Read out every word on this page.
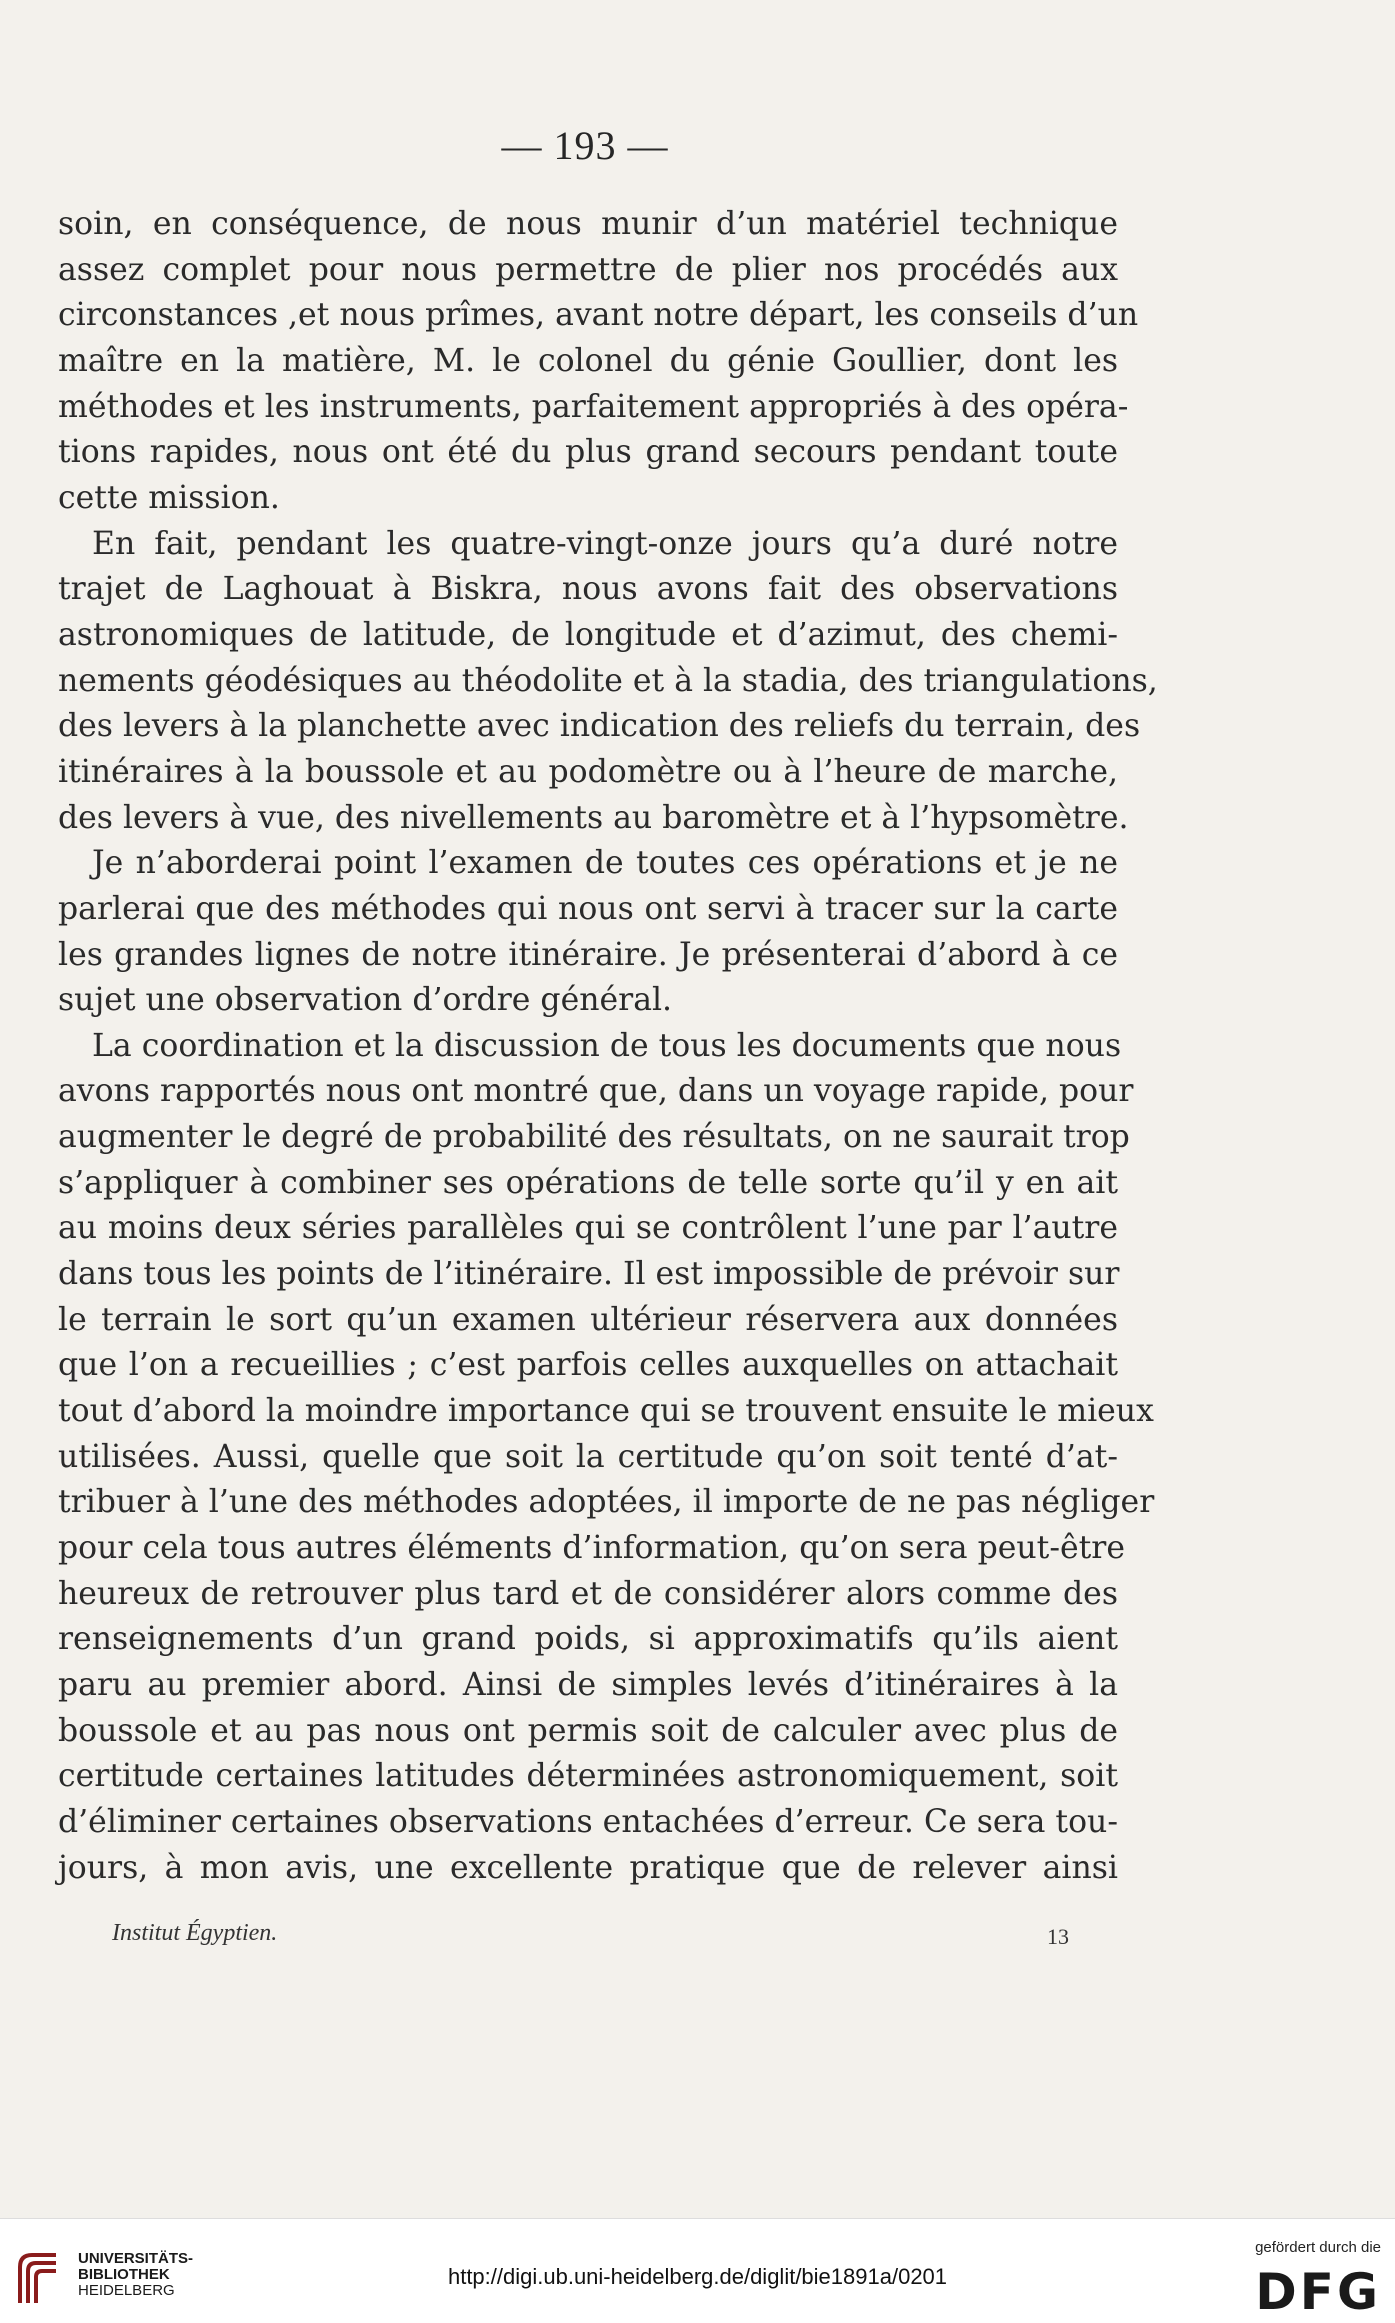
— 193 —
soin, en conséquence, de nous munir d’un matériel technique
assez complet pour nous permettre de plier nos procédés aux
circonstances ,et nous prîmes, avant notre départ, les conseils d’un
maître en la matière, M. le colonel du génie Goullier, dont les
méthodes et les instruments, parfaitement appropriés à des opéra-
tions rapides, nous ont été du plus grand secours pendant toute
cette mission.
En fait, pendant les quatre-vingt-onze jours qu’a duré notre
trajet de Laghouat à Biskra, nous avons fait des observations
astronomiques de latitude, de longitude et d’azimut, des chemi-
nements géodésiques au théodolite et à la stadia, des triangulations,
des levers à la planchette avec indication des reliefs du terrain, des
itinéraires à la boussole et au podomètre ou à l’heure de marche,
des levers à vue, des nivellements au baromètre et à l’hypsomètre.
Je n’aborderai point l’examen de toutes ces opérations et je ne
parlerai que des méthodes qui nous ont servi à tracer sur la carte
les grandes lignes de notre itinéraire. Je présenterai d’abord à ce
sujet une observation d’ordre général.
La coordination et la discussion de tous les documents que nous
avons rapportés nous ont montré que, dans un voyage rapide, pour
augmenter le degré de probabilité des résultats, on ne saurait trop
s’appliquer à combiner ses opérations de telle sorte qu’il y en ait
au moins deux séries parallèles qui se contrôlent l’une par l’autre
dans tous les points de l’itinéraire. Il est impossible de prévoir sur
le terrain le sort qu’un examen ultérieur réservera aux données
que l’on a recueillies ; c’est parfois celles auxquelles on attachait
tout d’abord la moindre importance qui se trouvent ensuite le mieux
utilisées. Aussi, quelle que soit la certitude qu’on soit tenté d’at-
tribuer à l’une des méthodes adoptées, il importe de ne pas négliger
pour cela tous autres éléments d’information, qu’on sera peut-être
heureux de retrouver plus tard et de considérer alors comme des
renseignements d’un grand poids, si approximatifs qu’ils aient
paru au premier abord. Ainsi de simples levés d’itinéraires à la
boussole et au pas nous ont permis soit de calculer avec plus de
certitude certaines latitudes déterminées astronomiquement, soit
d’éliminer certaines observations entachées d’erreur. Ce sera tou-
jours, à mon avis, une excellente pratique que de relever ainsi
Institut Égyptien.	13
UNIVERSITÄTS-
BIBLIOTHEK
HEIDELBERG
http://digi.ub.uni-heidelberg.de/diglit/bie1891a/0201
gefördert durch die
DFG
